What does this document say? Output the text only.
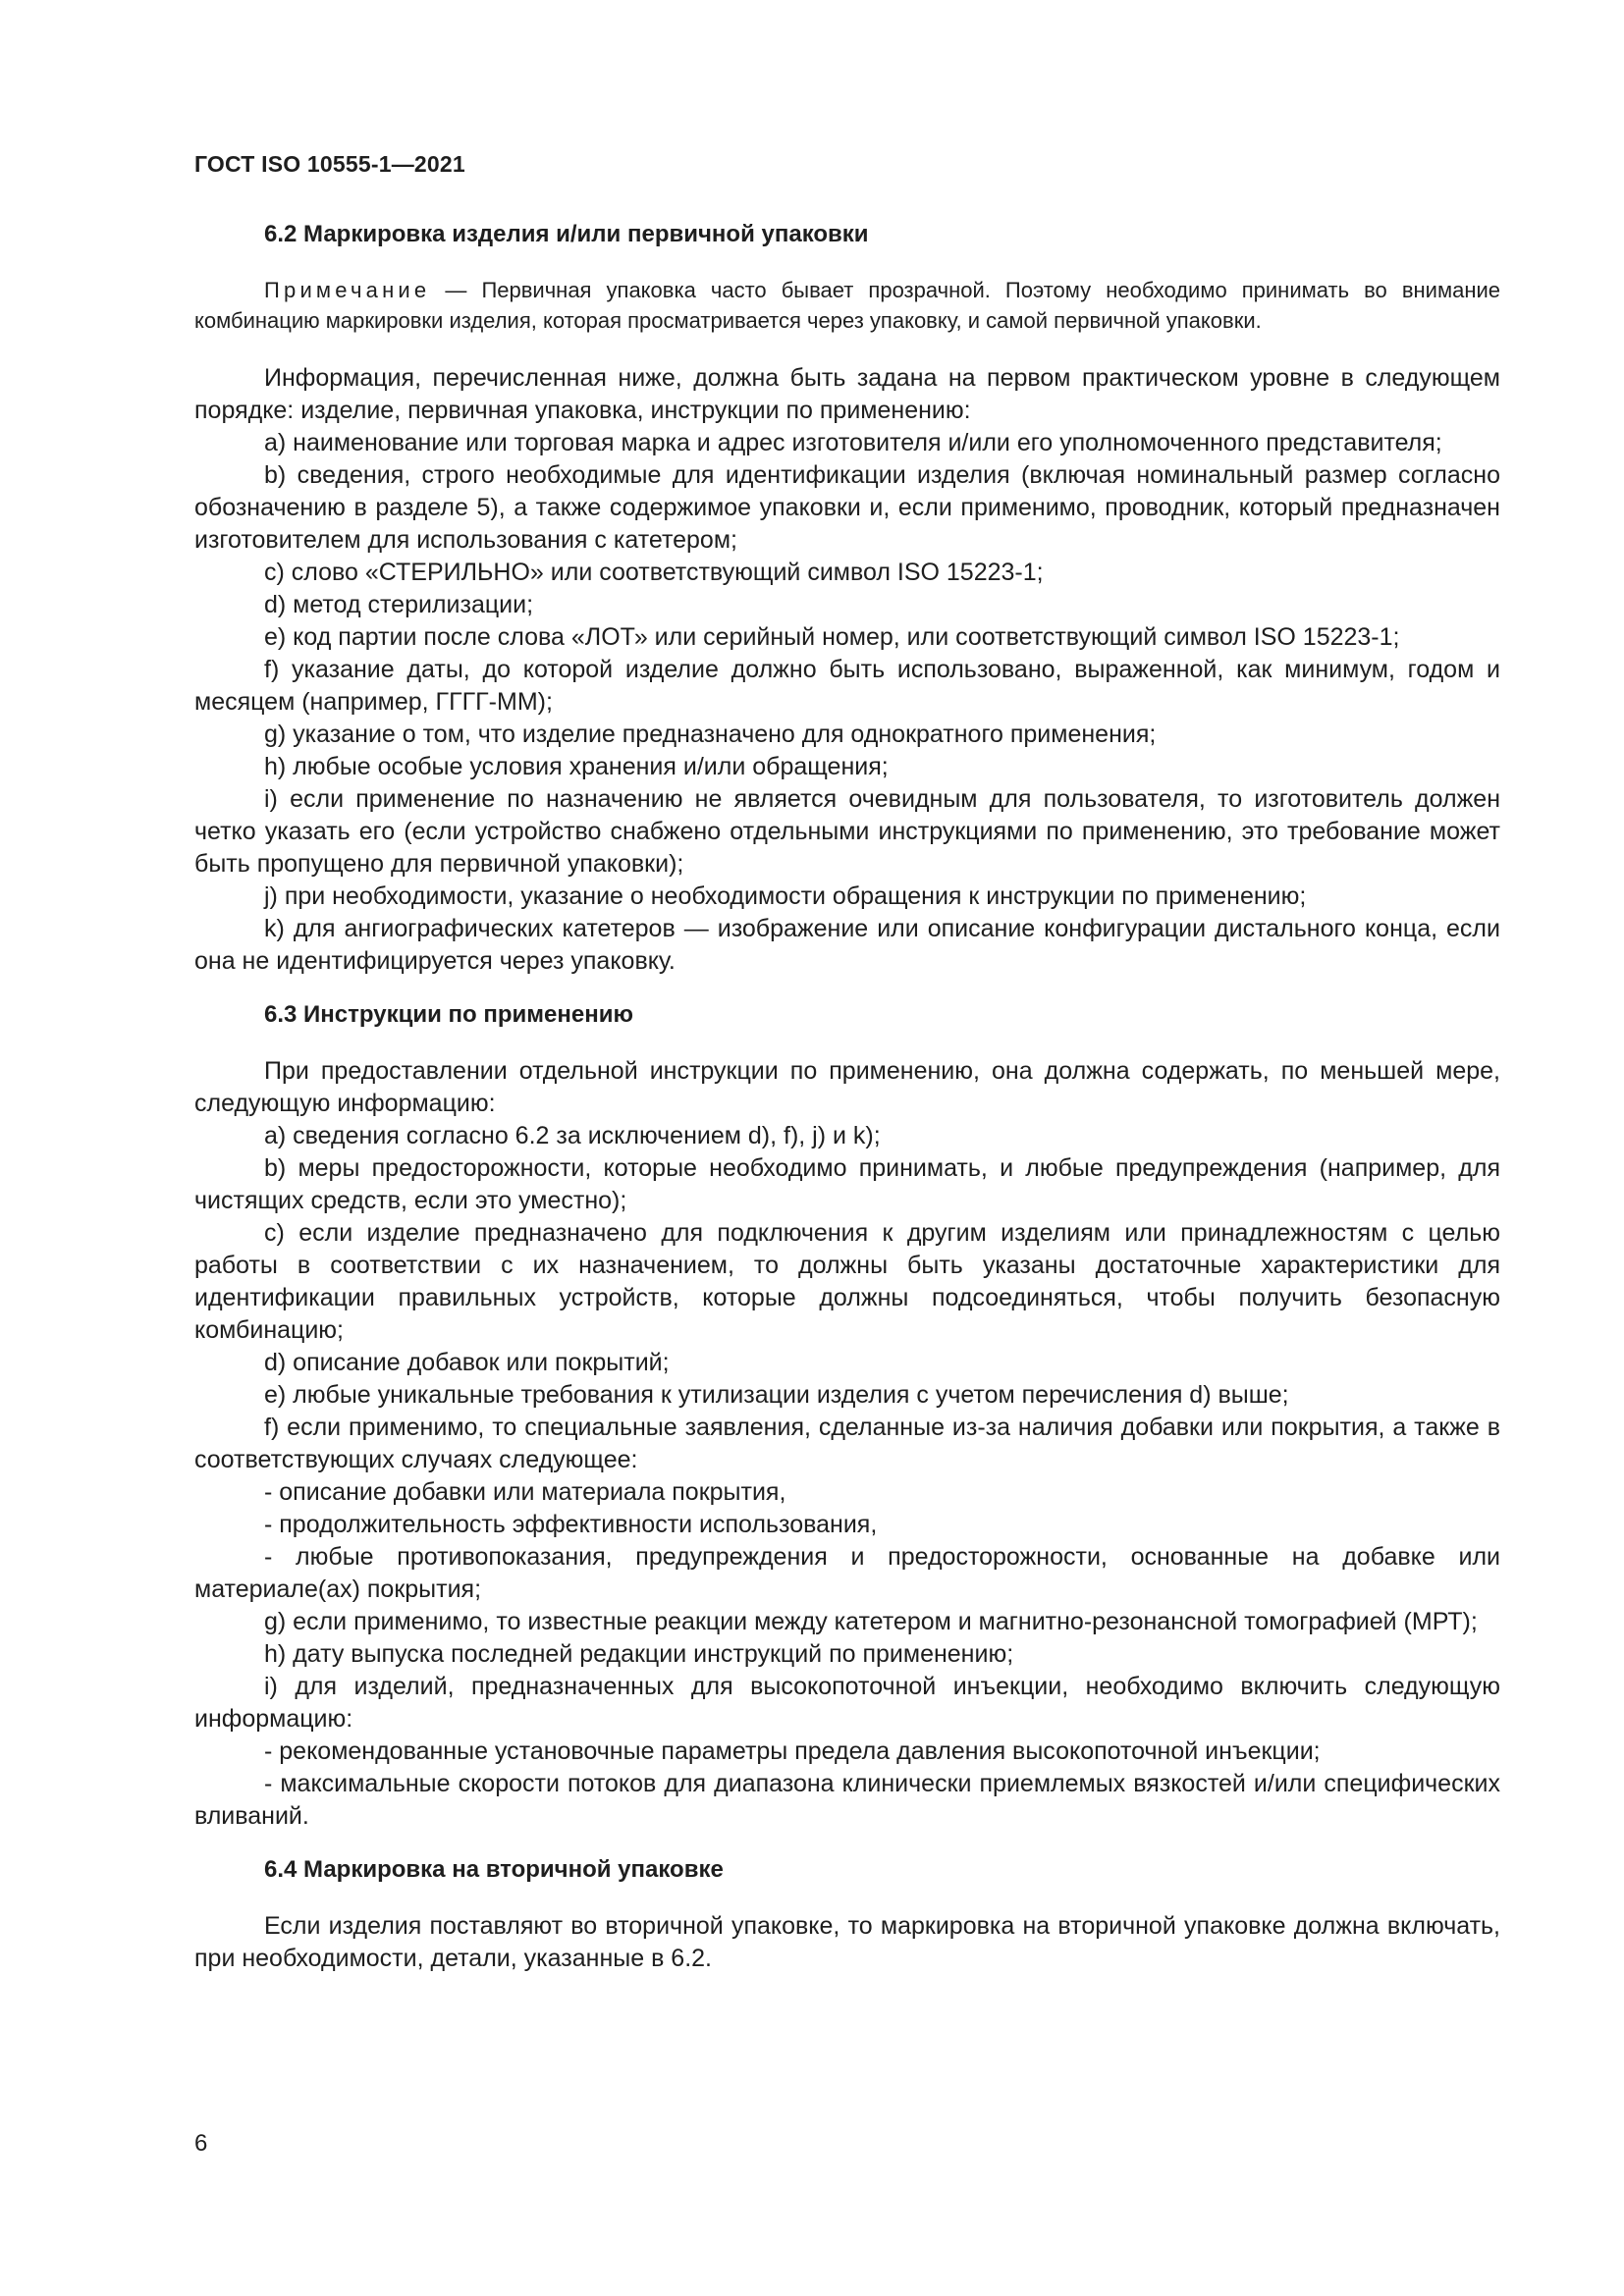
ГОСТ ISO 10555-1—2021
6.2 Маркировка изделия и/или первичной упаковки

Примечание — Первичная упаковка часто бывает прозрачной. Поэтому необходимо принимать во внимание комбинацию маркировки изделия, которая просматривается через упаковку, и самой первичной упаковки.

Информация, перечисленная ниже, должна быть задана на первом практическом уровне в следующем порядке: изделие, первичная упаковка, инструкции по применению:

a) наименование или торговая марка и адрес изготовителя и/или его уполномоченного представителя;

b) сведения, строго необходимые для идентификации изделия (включая номинальный размер согласно обозначению в разделе 5), а также содержимое упаковки и, если применимо, проводник, который предназначен изготовителем для использования с катетером;

c) слово «СТЕРИЛЬНО» или соответствующий символ ISO 15223-1;

d) метод стерилизации;

e) код партии после слова «ЛОТ» или серийный номер, или соответствующий символ ISO 15223-1;

f) указание даты, до которой изделие должно быть использовано, выраженной, как минимум, годом и месяцем (например, ГГГГ-ММ);

g) указание о том, что изделие предназначено для однократного применения;

h) любые особые условия хранения и/или обращения;

i) если применение по назначению не является очевидным для пользователя, то изготовитель должен четко указать его (если устройство снабжено отдельными инструкциями по применению, это требование может быть пропущено для первичной упаковки);

j) при необходимости, указание о необходимости обращения к инструкции по применению;

k) для ангиографических катетеров — изображение или описание конфигурации дистального конца, если она не идентифицируется через упаковку.

6.3 Инструкции по применению

При предоставлении отдельной инструкции по применению, она должна содержать, по меньшей мере, следующую информацию:

a) сведения согласно 6.2 за исключением d), f), j) и k);

b) меры предосторожности, которые необходимо принимать, и любые предупреждения (например, для чистящих средств, если это уместно);

c) если изделие предназначено для подключения к другим изделиям или принадлежностям с целью работы в соответствии с их назначением, то должны быть указаны достаточные характеристики для идентификации правильных устройств, которые должны подсоединяться, чтобы получить безопасную комбинацию;

d) описание добавок или покрытий;

e) любые уникальные требования к утилизации изделия с учетом перечисления d) выше;

f) если применимо, то специальные заявления, сделанные из-за наличия добавки или покрытия, а также в соответствующих случаях следующее:

- описание добавки или материала покрытия,

- продолжительность эффективности использования,

- любые противопоказания, предупреждения и предосторожности, основанные на добавке или материале(ах) покрытия;

g) если применимо, то известные реакции между катетером и магнитно-резонансной томографией (МРТ);

h) дату выпуска последней редакции инструкций по применению;

i) для изделий, предназначенных для высокопоточной инъекции, необходимо включить следующую информацию:

- рекомендованные установочные параметры предела давления высокопоточной инъекции;

- максимальные скорости потоков для диапазона клинически приемлемых вязкостей и/или специфических вливаний.

6.4 Маркировка на вторичной упаковке

Если изделия поставляют во вторичной упаковке, то маркировка на вторичной упаковке должна включать, при необходимости, детали, указанные в 6.2.

6
